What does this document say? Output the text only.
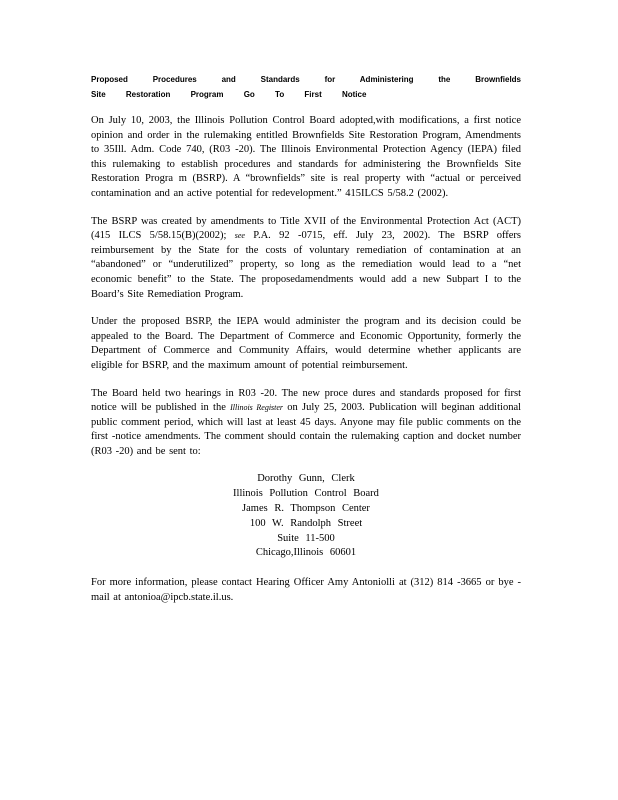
Proposed Procedures and Standards for Administering the Brownfields Site Restoration Program Go To First Notice

On July 10, 2003, the Illinois Pollution Control Board adopted,with modifications, a first notice opinion and order in the rulemaking entitled Brownfields Site Restoration Program, Amendments to 35Ill. Adm. Code 740, (R03 -20). The Illinois Environmental Protection Agency (IEPA) filed this rulemaking to establish procedures and standards for administering the Brownfields Site Restoration Progra m (BSRP). A “brownfields” site is real property with “actual or perceived contamination and an active potential for redevelopment.” 415ILCS 5/58.2 (2002).

The BSRP was created by amendments to Title XVII of the Environmental Protection Act (ACT) (415 ILCS 5/58.15(B)(2002); see P.A. 92 -0715, eff. July 23, 2002). The BSRP offers reimbursement by the State for the costs of voluntary remediation of contamination at an “abandoned” or “underutilized” property, so long as the remediation would lead to a “net economic benefit” to the State. The proposedamendments would add a new Subpart I to the Board’s Site Remediation Program.

Under the proposed BSRP, the IEPA would administer the program and its decision could be appealed to the Board. The Department of Commerce and Economic Opportunity, formerly the Department of Commerce and Community Affairs, would determine whether applicants are eligible for BSRP, and the maximum amount of potential reimbursement.

The Board held two hearings in R03 -20. The new proce dures and standards proposed for first notice will be published in the Illinois Register on July 25, 2003. Publication will beginan additional public comment period, which will last at least 45 days. Anyone may file public comments on the first -notice amendments. The comment should contain the rulemaking caption and docket number (R03 -20) and be sent to:

Dorothy Gunn, Clerk
Illinois Pollution Control Board
James R. Thompson Center
100 W. Randolph Street
Suite 11-500
Chicago,Illinois 60601

For more information, please contact Hearing Officer Amy Antoniolli at (312) 814 -3665 or bye - mail at antonioa@ipcb.state.il.us.
